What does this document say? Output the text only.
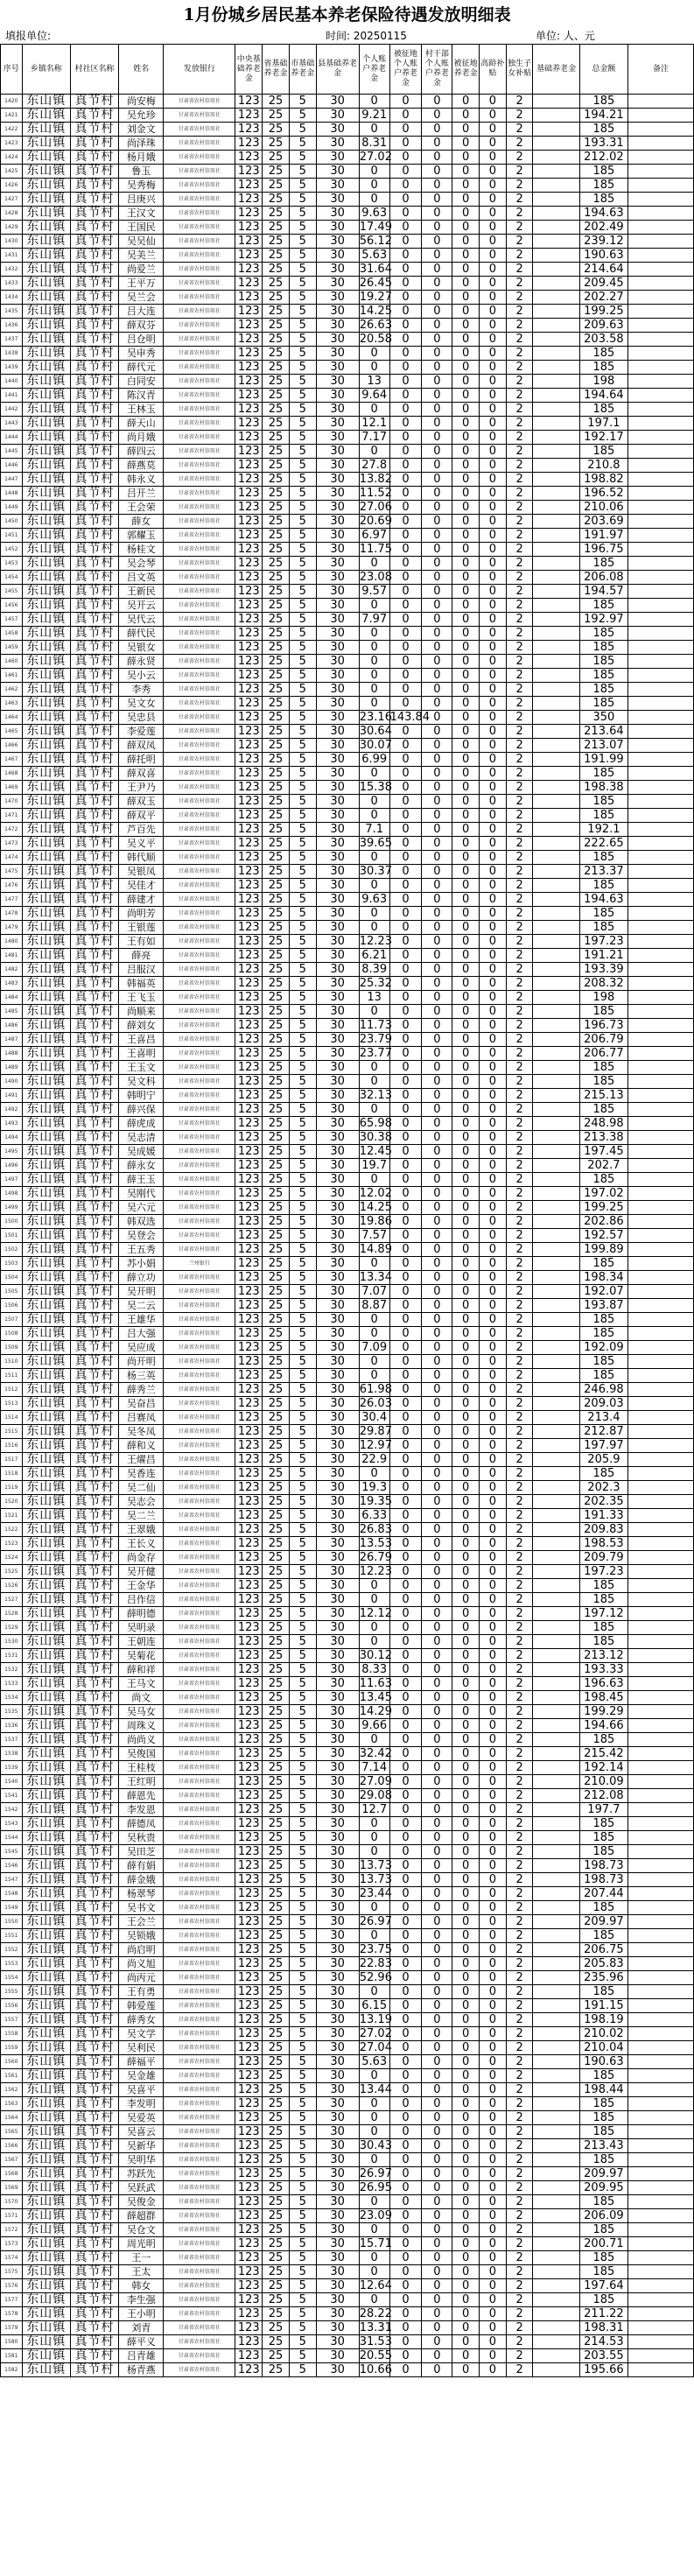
1月份城乡居民基本养老保险待遇发放明细表
填报单位:	时间: 20250115	单位: 人、元
序号	乡镇名称	村社区名称	姓名	发放银行	中央基础养老金	省基础养老金	市基础养老金	县基础养老金	个人账户养老金	被征地个人账户养老金	村干部个人账户养老金	被征地养老金	高龄补贴	独生子女补贴	基础养老金	总金额	备注
1420	东山镇	真节村	尚安梅	甘肃省农村信用社	123	25	5	30	0	0	0	0	0	2		185	
1421	东山镇	真节村	吴允珍	甘肃省农村信用社	123	25	5	30	9.21	0	0	0	0	2		194.21	
1422	东山镇	真节村	刘金文	甘肃省农村信用社	123	25	5	30	0	0	0	0	0	2		185	
1423	东山镇	真节村	尚泽珠	甘肃省农村信用社	123	25	5	30	8.31	0	0	0	0	2		193.31	
1424	东山镇	真节村	杨月娥	甘肃省农村信用社	123	25	5	30	27.02	0	0	0	0	2		212.02	
1425	东山镇	真节村	鲁玉	甘肃省农村信用社	123	25	5	30	0	0	0	0	0	2		185	
1426	东山镇	真节村	吴秀梅	甘肃省农村信用社	123	25	5	30	0	0	0	0	0	2		185	
1427	东山镇	真节村	吕庚兴	甘肃省农村信用社	123	25	5	30	0	0	0	0	0	2		185	
1428	东山镇	真节村	王汉文	甘肃省农村信用社	123	25	5	30	9.63	0	0	0	0	2		194.63	
1429	东山镇	真节村	王国民	甘肃省农村信用社	123	25	5	30	17.49	0	0	0	0	2		202.49	
1430	东山镇	真节村	吴吴仙	甘肃省农村信用社	123	25	5	30	56.12	0	0	0	0	2		239.12	
1431	东山镇	真节村	吴美兰	甘肃省农村信用社	123	25	5	30	5.63	0	0	0	0	2		190.63	
1432	东山镇	真节村	尚爱兰	甘肃省农村信用社	123	25	5	30	31.64	0	0	0	0	2		214.64	
1433	东山镇	真节村	王平万	甘肃省农村信用社	123	25	5	30	26.45	0	0	0	0	2		209.45	
1434	东山镇	真节村	吴兰会	甘肃省农村信用社	123	25	5	30	19.27	0	0	0	0	2		202.27	
1435	东山镇	真节村	吕大连	甘肃省农村信用社	123	25	5	30	14.25	0	0	0	0	2		199.25	
1436	东山镇	真节村	薛双芬	甘肃省农村信用社	123	25	5	30	26.63	0	0	0	0	2		209.63	
1437	东山镇	真节村	吕仓明	甘肃省农村信用社	123	25	5	30	20.58	0	0	0	0	2		203.58	
1438	东山镇	真节村	吴申秀	甘肃省农村信用社	123	25	5	30	0	0	0	0	0	2		185	
1439	东山镇	真节村	薛代元	甘肃省农村信用社	123	25	5	30	0	0	0	0	0	2		185	
1440	东山镇	真节村	白同安	甘肃省农村信用社	123	25	5	30	13	0	0	0	0	2		198	
1441	东山镇	真节村	陈汉青	甘肃省农村信用社	123	25	5	30	9.64	0	0	0	0	2		194.64	
1442	东山镇	真节村	王林玉	甘肃省农村信用社	123	25	5	30	0	0	0	0	0	2		185	
1443	东山镇	真节村	薛天山	甘肃省农村信用社	123	25	5	30	12.1	0	0	0	0	2		197.1	
1444	东山镇	真节村	尚月娥	甘肃省农村信用社	123	25	5	30	7.17	0	0	0	0	2		192.17	
1445	东山镇	真节村	薛四云	甘肃省农村信用社	123	25	5	30	0	0	0	0	0	2		185	
1446	东山镇	真节村	薛燕莫	甘肃省农村信用社	123	25	5	30	27.8	0	0	0	0	2		210.8	
1447	东山镇	真节村	韩永义	甘肃省农村信用社	123	25	5	30	13.82	0	0	0	0	2		198.82	
1448	东山镇	真节村	吕开兰	甘肃省农村信用社	123	25	5	30	11.52	0	0	0	0	2		196.52	
1449	东山镇	真节村	王会荣	甘肃省农村信用社	123	25	5	30	27.06	0	0	0	0	2		210.06	
1450	东山镇	真节村	薛女	甘肃省农村信用社	123	25	5	30	20.69	0	0	0	0	2		203.69	
1451	东山镇	真节村	郭耀玉	甘肃省农村信用社	123	25	5	30	6.97	0	0	0	0	2		191.97	
1452	东山镇	真节村	杨桂文	甘肃省农村信用社	123	25	5	30	11.75	0	0	0	0	2		196.75	
1453	东山镇	真节村	吴会琴	甘肃省农村信用社	123	25	5	30	0	0	0	0	0	2		185	
1454	东山镇	真节村	吕文英	甘肃省农村信用社	123	25	5	30	23.08	0	0	0	0	2		206.08	
1455	东山镇	真节村	王新民	甘肃省农村信用社	123	25	5	30	9.57	0	0	0	0	2		194.57	
1456	东山镇	真节村	吴开云	甘肃省农村信用社	123	25	5	30	0	0	0	0	0	2		185	
1457	东山镇	真节村	吴代云	甘肃省农村信用社	123	25	5	30	7.97	0	0	0	0	2		192.97	
1458	东山镇	真节村	薛代民	甘肃省农村信用社	123	25	5	30	0	0	0	0	0	2		185	
1459	东山镇	真节村	吴银女	甘肃省农村信用社	123	25	5	30	0	0	0	0	0	2		185	
1460	东山镇	真节村	薛永贤	甘肃省农村信用社	123	25	5	30	0	0	0	0	0	2		185	
1461	东山镇	真节村	吴小云	甘肃省农村信用社	123	25	5	30	0	0	0	0	0	2		185	
1462	东山镇	真节村	李秀	甘肃省农村信用社	123	25	5	30	0	0	0	0	0	2		185	
1463	东山镇	真节村	吴文女	甘肃省农村信用社	123	25	5	30	0	0	0	0	0	2		185	
1464	东山镇	真节村	吴忠县	甘肃省农村信用社	123	25	5	30	23.16	143.84	0	0	0	2		350	
1465	东山镇	真节村	李爱莲	甘肃省农村信用社	123	25	5	30	30.64	0	0	0	0	2		213.64	
1466	东山镇	真节村	薛双凤	甘肃省农村信用社	123	25	5	30	30.07	0	0	0	0	2		213.07	
1467	东山镇	真节村	薛托明	甘肃省农村信用社	123	25	5	30	6.99	0	0	0	0	2		191.99	
1468	东山镇	真节村	薛双喜	甘肃省农村信用社	123	25	5	30	0	0	0	0	0	2		185	
1469	东山镇	真节村	王尹乃	甘肃省农村信用社	123	25	5	30	15.38	0	0	0	0	2		198.38	
1470	东山镇	真节村	薛双玉	甘肃省农村信用社	123	25	5	30	0	0	0	0	0	2		185	
1471	东山镇	真节村	薛双平	甘肃省农村信用社	123	25	5	30	0	0	0	0	0	2		185	
1472	东山镇	真节村	芦百先	甘肃省农村信用社	123	25	5	30	7.1	0	0	0	0	2		192.1	
1473	东山镇	真节村	吴义平	甘肃省农村信用社	123	25	5	30	39.65	0	0	0	0	2		222.65	
1474	东山镇	真节村	韩代顺	甘肃省农村信用社	123	25	5	30	0	0	0	0	0	2		185	
1475	东山镇	真节村	吴银凤	甘肃省农村信用社	123	25	5	30	30.37	0	0	0	0	2		213.37	
1476	东山镇	真节村	吴佳才	甘肃省农村信用社	123	25	5	30	0	0	0	0	0	2		185	
1477	东山镇	真节村	薛建才	甘肃省农村信用社	123	25	5	30	9.63	0	0	0	0	2		194.63	
1478	东山镇	真节村	尚明芳	甘肃省农村信用社	123	25	5	30	0	0	0	0	0	2		185	
1479	东山镇	真节村	王银莲	甘肃省农村信用社	123	25	5	30	0	0	0	0	0	2		185	
1480	东山镇	真节村	王有如	甘肃省农村信用社	123	25	5	30	12.23	0	0	0	0	2		197.23	
1481	东山镇	真节村	薛亮	甘肃省农村信用社	123	25	5	30	6.21	0	0	0	0	2		191.21	
1482	东山镇	真节村	吕服汉	甘肃省农村信用社	123	25	5	30	8.39	0	0	0	0	2		193.39	
1483	东山镇	真节村	韩福英	甘肃省农村信用社	123	25	5	30	25.32	0	0	0	0	2		208.32	
1484	东山镇	真节村	王飞玉	甘肃省农村信用社	123	25	5	30	13	0	0	0	0	2		198	
1485	东山镇	真节村	尚顺来	甘肃省农村信用社	123	25	5	30	0	0	0	0	0	2		185	
1486	东山镇	真节村	薛刘女	甘肃省农村信用社	123	25	5	30	11.73	0	0	0	0	2		196.73	
1487	东山镇	真节村	王喜昌	甘肃省农村信用社	123	25	5	30	23.79	0	0	0	0	2		206.79	
1488	东山镇	真节村	王喜明	甘肃省农村信用社	123	25	5	30	23.77	0	0	0	0	2		206.77	
1489	东山镇	真节村	王玉文	甘肃省农村信用社	123	25	5	30	0	0	0	0	0	2		185	
1490	东山镇	真节村	吴文科	甘肃省农村信用社	123	25	5	30	0	0	0	0	0	2		185	
1491	东山镇	真节村	韩明宁	甘肃省农村信用社	123	25	5	30	32.13	0	0	0	0	2		215.13	
1492	东山镇	真节村	薛兴保	甘肃省农村信用社	123	25	5	30	0	0	0	0	0	2		185	
1493	东山镇	真节村	薛虎成	甘肃省农村信用社	123	25	5	30	65.98	0	0	0	0	2		248.98	
1494	东山镇	真节村	吴志清	甘肃省农村信用社	123	25	5	30	30.38	0	0	0	0	2		213.38	
1495	东山镇	真节村	吴成媛	甘肃省农村信用社	123	25	5	30	12.45	0	0	0	0	2		197.45	
1496	东山镇	真节村	薛永女	甘肃省农村信用社	123	25	5	30	19.7	0	0	0	0	2		202.7	
1497	东山镇	真节村	薛王玉	甘肃省农村信用社	123	25	5	30	0	0	0	0	0	2		185	
1498	东山镇	真节村	吴刚代	甘肃省农村信用社	123	25	5	30	12.02	0	0	0	0	2		197.02	
1499	东山镇	真节村	吴六元	甘肃省农村信用社	123	25	5	30	14.25	0	0	0	0	2		199.25	
1500	东山镇	真节村	韩双选	甘肃省农村信用社	123	25	5	30	19.86	0	0	0	0	2		202.86	
1501	东山镇	真节村	吴登会	甘肃省农村信用社	123	25	5	30	7.57	0	0	0	0	2		192.57	
1502	东山镇	真节村	王五秀	甘肃省农村信用社	123	25	5	30	14.89	0	0	0	0	2		199.89	
1503	东山镇	真节村	苏小娟	兰州银行	123	25	5	30	0	0	0	0	0	2		185	
1504	东山镇	真节村	薛立功	甘肃省农村信用社	123	25	5	30	13.34	0	0	0	0	2		198.34	
1505	东山镇	真节村	吴开明	甘肃省农村信用社	123	25	5	30	7.07	0	0	0	0	2		192.07	
1506	东山镇	真节村	吴二云	甘肃省农村信用社	123	25	5	30	8.87	0	0	0	0	2		193.87	
1507	东山镇	真节村	王雄华	甘肃省农村信用社	123	25	5	30	0	0	0	0	0	2		185	
1508	东山镇	真节村	吕大强	甘肃省农村信用社	123	25	5	30	0	0	0	0	0	2		185	
1509	东山镇	真节村	吴应成	甘肃省农村信用社	123	25	5	30	7.09	0	0	0	0	2		192.09	
1510	东山镇	真节村	尚开明	甘肃省农村信用社	123	25	5	30	0	0	0	0	0	2		185	
1511	东山镇	真节村	杨三英	甘肃省农村信用社	123	25	5	30	0	0	0	0	0	2		185	
1512	东山镇	真节村	薛秀兰	甘肃省农村信用社	123	25	5	30	61.98	0	0	0	0	2		246.98	
1513	东山镇	真节村	吴奋昌	甘肃省农村信用社	123	25	5	30	26.03	0	0	0	0	2		209.03	
1514	东山镇	真节村	吕赛凤	甘肃省农村信用社	123	25	5	30	30.4	0	0	0	0	2		213.4	
1515	东山镇	真节村	吴冬凤	甘肃省农村信用社	123	25	5	30	29.87	0	0	0	0	2		212.87	
1516	东山镇	真节村	薛和义	甘肃省农村信用社	123	25	5	30	12.97	0	0	0	0	2		197.97	
1517	东山镇	真节村	王燿昌	甘肃省农村信用社	123	25	5	30	22.9	0	0	0	0	2		205.9	
1518	东山镇	真节村	吴香连	甘肃省农村信用社	123	25	5	30	0	0	0	0	0	2		185	
1519	东山镇	真节村	吴二仙	甘肃省农村信用社	123	25	5	30	19.3	0	0	0	0	2		202.3	
1520	东山镇	真节村	吴志会	甘肃省农村信用社	123	25	5	30	19.35	0	0	0	0	2		202.35	
1521	东山镇	真节村	吴二兰	甘肃省农村信用社	123	25	5	30	6.33	0	0	0	0	2		191.33	
1522	东山镇	真节村	王翠娥	甘肃省农村信用社	123	25	5	30	26.83	0	0	0	0	2		209.83	
1523	东山镇	真节村	王长义	甘肃省农村信用社	123	25	5	30	13.53	0	0	0	0	2		198.53	
1524	东山镇	真节村	尚金存	甘肃省农村信用社	123	25	5	30	26.79	0	0	0	0	2		209.79	
1525	东山镇	真节村	吴开健	甘肃省农村信用社	123	25	5	30	12.23	0	0	0	0	2		197.23	
1526	东山镇	真节村	王金华	甘肃省农村信用社	123	25	5	30	0	0	0	0	0	2		185	
1527	东山镇	真节村	吕作信	甘肃省农村信用社	123	25	5	30	0	0	0	0	0	2		185	
1528	东山镇	真节村	薛明德	甘肃省农村信用社	123	25	5	30	12.12	0	0	0	0	2		197.12	
1529	东山镇	真节村	吴明录	甘肃省农村信用社	123	25	5	30	0	0	0	0	0	2		185	
1530	东山镇	真节村	王朝连	甘肃省农村信用社	123	25	5	30	0	0	0	0	0	2		185	
1531	东山镇	真节村	吴菊花	甘肃省农村信用社	123	25	5	30	30.12	0	0	0	0	2		213.12	
1532	东山镇	真节村	薛和祥	甘肃省农村信用社	123	25	5	30	8.33	0	0	0	0	2		193.33	
1533	东山镇	真节村	王马文	甘肃省农村信用社	123	25	5	30	11.63	0	0	0	0	2		196.63	
1534	东山镇	真节村	尚文	甘肃省农村信用社	123	25	5	30	13.45	0	0	0	0	2		198.45	
1535	东山镇	真节村	吴马女	甘肃省农村信用社	123	25	5	30	14.29	0	0	0	0	2		199.29	
1536	东山镇	真节村	周珠义	甘肃省农村信用社	123	25	5	30	9.66	0	0	0	0	2		194.66	
1537	东山镇	真节村	尚尚义	甘肃省农村信用社	123	25	5	30	0	0	0	0	0	2		185	
1538	东山镇	真节村	吴俊国	甘肃省农村信用社	123	25	5	30	32.42	0	0	0	0	2		215.42	
1539	东山镇	真节村	王桂枝	甘肃省农村信用社	123	25	5	30	7.14	0	0	0	0	2		192.14	
1540	东山镇	真节村	王红明	甘肃省农村信用社	123	25	5	30	27.09	0	0	0	0	2		210.09	
1541	东山镇	真节村	薛恩先	甘肃省农村信用社	123	25	5	30	29.08	0	0	0	0	2		212.08	
1542	东山镇	真节村	李发恩	甘肃省农村信用社	123	25	5	30	12.7	0	0	0	0	2		197.7	
1543	东山镇	真节村	薛德凤	甘肃省农村信用社	123	25	5	30	0	0	0	0	0	2		185	
1544	东山镇	真节村	吴秋贵	甘肃省农村信用社	123	25	5	30	0	0	0	0	0	2		185	
1545	东山镇	真节村	吴田芝	甘肃省农村信用社	123	25	5	30	0	0	0	0	0	2		185	
1546	东山镇	真节村	薛有娟	甘肃省农村信用社	123	25	5	30	13.73	0	0	0	0	2		198.73	
1547	东山镇	真节村	薛金娥	甘肃省农村信用社	123	25	5	30	13.73	0	0	0	0	2		198.73	
1548	东山镇	真节村	杨翠琴	甘肃省农村信用社	123	25	5	30	23.44	0	0	0	0	2		207.44	
1549	东山镇	真节村	吴书文	甘肃省农村信用社	123	25	5	30	0	0	0	0	0	2		185	
1550	东山镇	真节村	王会兰	甘肃省农村信用社	123	25	5	30	26.97	0	0	0	0	2		209.97	
1551	东山镇	真节村	吴锁娥	甘肃省农村信用社	123	25	5	30	0	0	0	0	0	2		185	
1552	东山镇	真节村	尚启明	甘肃省农村信用社	123	25	5	30	23.75	0	0	0	0	2		206.75	
1553	东山镇	真节村	尚义旭	甘肃省农村信用社	123	25	5	30	22.83	0	0	0	0	2		205.83	
1554	东山镇	真节村	尚丙元	甘肃省农村信用社	123	25	5	30	52.96	0	0	0	0	2		235.96	
1555	东山镇	真节村	王有勇	甘肃省农村信用社	123	25	5	30	0	0	0	0	0	2		185	
1556	东山镇	真节村	韩爱莲	甘肃省农村信用社	123	25	5	30	6.15	0	0	0	0	2		191.15	
1557	东山镇	真节村	薛秀女	甘肃省农村信用社	123	25	5	30	13.19	0	0	0	0	2		198.19	
1558	东山镇	真节村	吴文学	甘肃省农村信用社	123	25	5	30	27.02	0	0	0	0	2		210.02	
1559	东山镇	真节村	吴利民	甘肃省农村信用社	123	25	5	30	27.04	0	0	0	0	2		210.04	
1560	东山镇	真节村	薛福平	甘肃省农村信用社	123	25	5	30	5.63	0	0	0	0	2		190.63	
1561	东山镇	真节村	吴金雄	甘肃省农村信用社	123	25	5	30	0	0	0	0	0	2		185	
1562	东山镇	真节村	吴喜平	甘肃省农村信用社	123	25	5	30	13.44	0	0	0	0	2		198.44	
1563	东山镇	真节村	李发明	甘肃省农村信用社	123	25	5	30	0	0	0	0	0	2		185	
1564	东山镇	真节村	吴爱英	甘肃省农村信用社	123	25	5	30	0	0	0	0	0	2		185	
1565	东山镇	真节村	吴喜云	甘肃省农村信用社	123	25	5	30	0	0	0	0	0	2		185	
1566	东山镇	真节村	吴新华	甘肃省农村信用社	123	25	5	30	30.43	0	0	0	0	2		213.43	
1567	东山镇	真节村	吴明华	甘肃省农村信用社	123	25	5	30	0	0	0	0	0	2		185	
1568	东山镇	真节村	苏跃先	甘肃省农村信用社	123	25	5	30	26.97	0	0	0	0	2		209.97	
1569	东山镇	真节村	吴跃武	甘肃省农村信用社	123	25	5	30	26.95	0	0	0	0	2		209.95	
1570	东山镇	真节村	吴俊金	甘肃省农村信用社	123	25	5	30	0	0	0	0	0	2		185	
1571	东山镇	真节村	薛超群	甘肃省农村信用社	123	25	5	30	23.09	0	0	0	0	2		206.09	
1572	东山镇	真节村	吴仓文	甘肃省农村信用社	123	25	5	30	0	0	0	0	0	2		185	
1573	东山镇	真节村	周光明	甘肃省农村信用社	123	25	5	30	15.71	0	0	0	0	2		200.71	
1574	东山镇	真节村	王一	甘肃省农村信用社	123	25	5	30	0	0	0	0	0	2		185	
1575	东山镇	真节村	王太	甘肃省农村信用社	123	25	5	30	0	0	0	0	0	2		185	
1576	东山镇	真节村	韩女	甘肃省农村信用社	123	25	5	30	12.64	0	0	0	0	2		197.64	
1577	东山镇	真节村	李生强	甘肃省农村信用社	123	25	5	30	0	0	0	0	0	2		185	
1578	东山镇	真节村	王小明	甘肃省农村信用社	123	25	5	30	28.22	0	0	0	0	2		211.22	
1579	东山镇	真节村	刘青	甘肃省农村信用社	123	25	5	30	13.31	0	0	0	0	2		198.31	
1580	东山镇	真节村	薛平义	甘肃省农村信用社	123	25	5	30	31.53	0	0	0	0	2		214.53	
1581	东山镇	真节村	吕青雄	甘肃省农村信用社	123	25	5	30	20.55	0	0	0	0	2		203.55	
1582	东山镇	真节村	杨青燕	甘肃省农村信用社	123	25	5	30	10.66	0	0	0	0	2		195.66	
